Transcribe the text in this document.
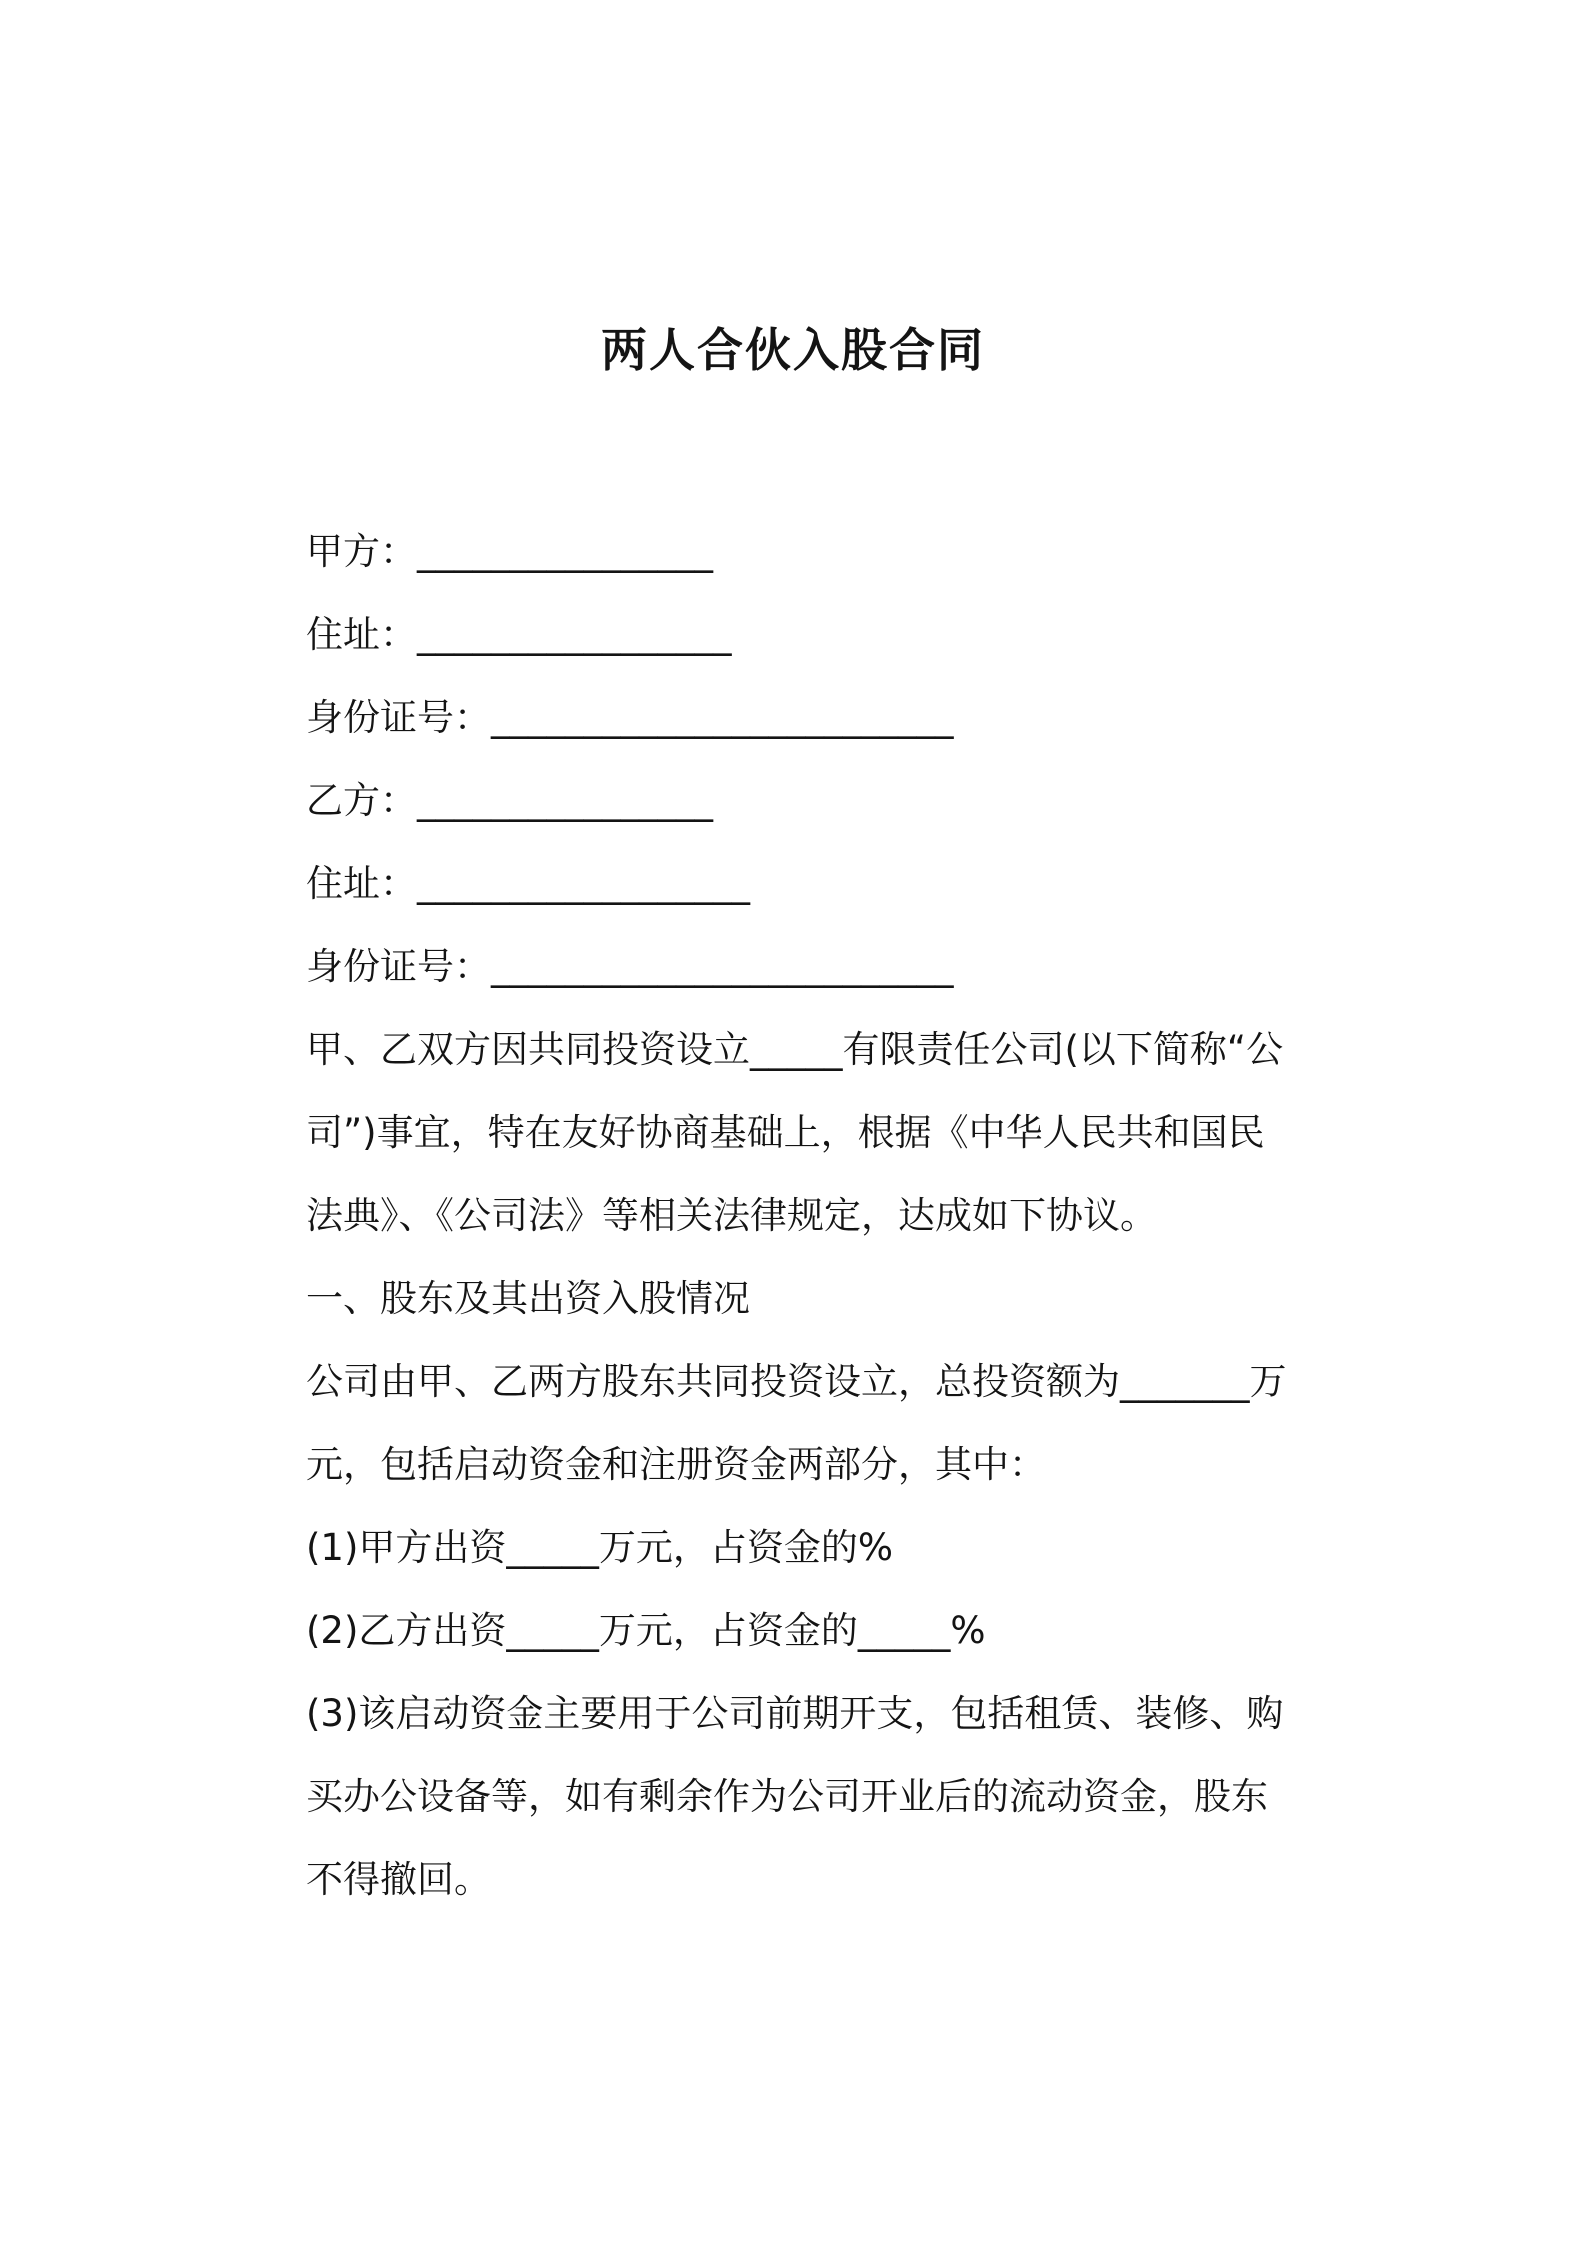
两人合伙入股合同
甲方：________________
住址：_________________
身份证号：_________________________
乙方：________________
住址：__________________
身份证号：_________________________

甲、乙双方因共同投资设立_____有限责任公司(以下简称“公司”)事宜，特在友好协商基础上，根据《中华人民共和国民法典》、《公司法》等相关法律规定，达成如下协议。

一、股东及其出资入股情况

公司由甲、乙两方股东共同投资设立，总投资额为_______万元，包括启动资金和注册资金两部分，其中：

(1)甲方出资_____万元，占资金的%

(2)乙方出资_____万元，占资金的_____%

(3)该启动资金主要用于公司前期开支，包括租赁、装修、购买办公设备等，如有剩余作为公司开业后的流动资金，股东不得撤回。
